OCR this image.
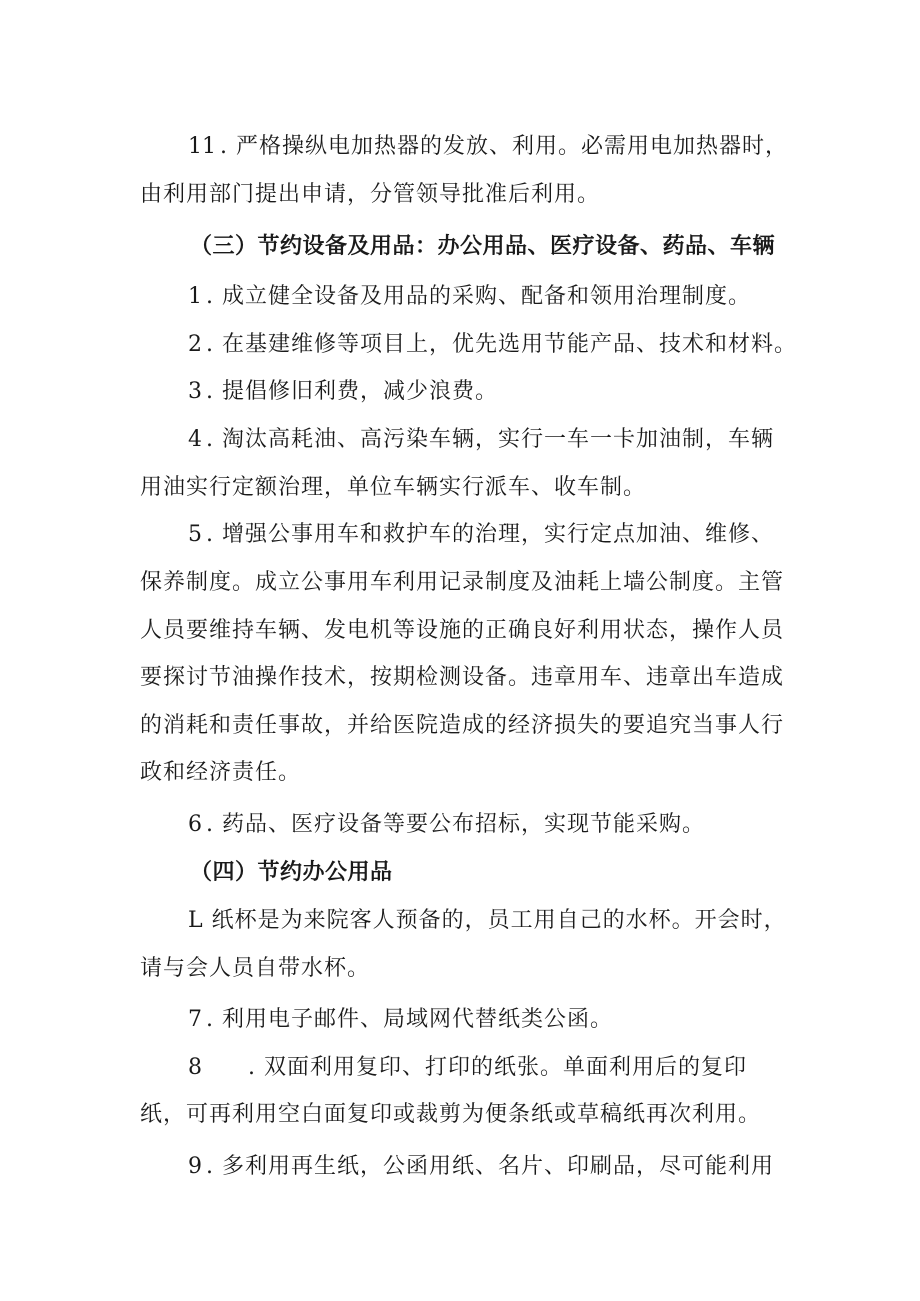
11 . 严格操纵电加热器的发放、利用。必需用电加热器时，
由利用部门提出申请，分管领导批准后利用。
（三）节约设备及用品：办公用品、医疗设备、药品、车辆
1 . 成立健全设备及用品的采购、配备和领用治理制度。
2 . 在基建维修等项目上，优先选用节能产品、技术和材料。
3 . 提倡修旧利费，减少浪费。
4 . 淘汰高耗油、高污染车辆，实行一车一卡加油制，车辆
用油实行定额治理，单位车辆实行派车、收车制。
5 . 增强公事用车和救护车的治理，实行定点加油、维修、
保养制度。成立公事用车利用记录制度及油耗上墙公制度。主管
人员要维持车辆、发电机等设施的正确良好利用状态，操作人员
要探讨节油操作技术，按期检测设备。违章用车、违章出车造成
的消耗和责任事故，并给医院造成的经济损失的要追究当事人行
政和经济责任。
6 . 药品、医疗设备等要公布招标，实现节能采购。
（四）节约办公用品
L 纸杯是为来院客人预备的，员工用自己的水杯。开会时，
请与会人员自带水杯。
7 . 利用电子邮件、局域网代替纸类公函。
8 . 双面利用复印、打印的纸张。单面利用后的复印
纸，可再利用空白面复印或裁剪为便条纸或草稿纸再次利用。
9 . 多利用再生纸，公函用纸、名片、印刷品，尽可能利用
